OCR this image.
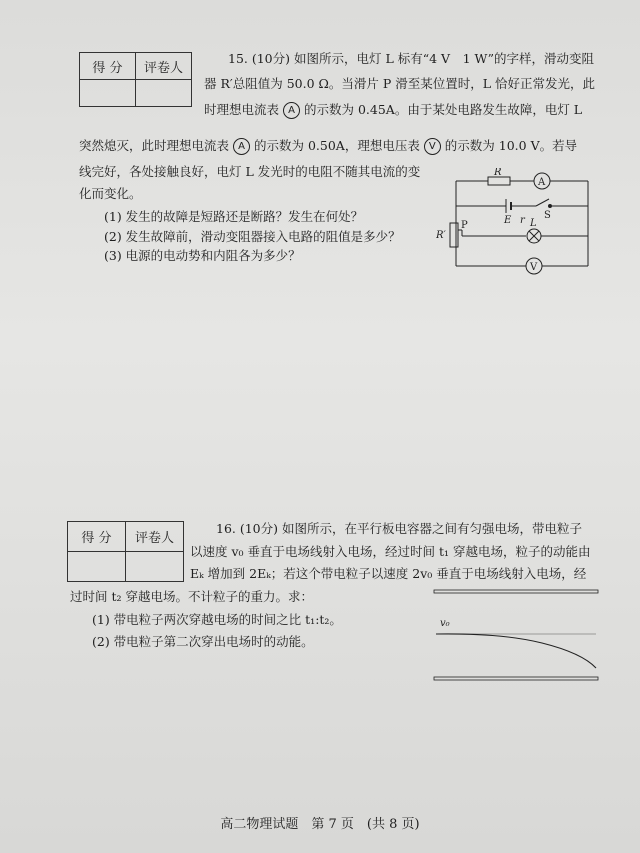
得 分	评卷人

15. (10分) 如图所示，电灯 L 标有“4 V　1 W”的字样，滑动变阻
器 R′总阻值为 50.0 Ω。当滑片 P 滑至某位置时，L 恰好正常发光，此
时理想电流表 A 的示数为 0.45A。由于某处电路发生故障，电灯 L
突然熄灭，此时理想电流表 A 的示数为 0.50A，理想电压表 V 的示数为 10.0 V。若导
线完好，各处接触良好，电灯 L 发光时的电阻不随其电流的变
化而变化。
(1) 发生的故障是短路还是断路？发生在何处？
(2) 发生故障前，滑动变阻器接入电路的阻值是多少？
(3) 电源的电动势和内阻各为多少？
R
A
E r S
R′
P	L
V
得 分	评卷人

16. (10分) 如图所示，在平行板电容器之间有匀强电场，带电粒子
以速度 v₀ 垂直于电场线射入电场，经过时间 t₁ 穿越电场，粒子的动能由
Eₖ 增加到 2Eₖ；若这个带电粒子以速度 2v₀ 垂直于电场线射入电场，经
过时间 t₂ 穿越电场。不计粒子的重力。求：
(1) 带电粒子两次穿越电场的时间之比 t₁:t₂。
(2) 带电粒子第二次穿出电场时的动能。
v₀
高二物理试题　第 7 页　(共 8 页)
